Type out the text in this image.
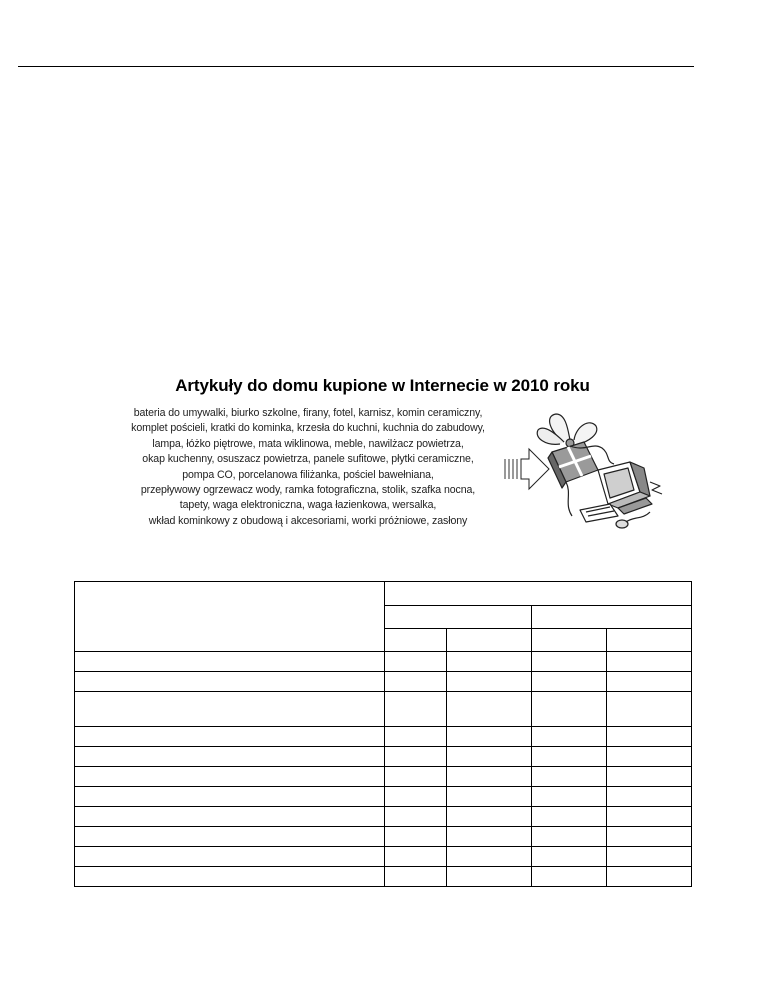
Artykuły do domu kupione w Internecie w 2010 roku
bateria do umywalki, biurko szkolne, firany, fotel, karnisz, komin ceramiczny,
komplet pościeli, kratki do kominka, krzesła do kuchni, kuchnia do zabudowy,
lampa, łóżko piętrowe, mata wiklinowa, meble, nawilżacz powietrza,
okap kuchenny, osuszacz powietrza, panele sufitowe, płytki ceramiczne,
pompa CO, porcelanowa filiżanka, pościel bawełniana,
przepływowy ogrzewacz wody, ramka fotograficzna, stolik, szafka nocna,
tapety, waga elektroniczna, waga łazienkowa, wersalka,
wkład kominkowy z obudową i akcesoriami, worki próżniowe, zasłony
